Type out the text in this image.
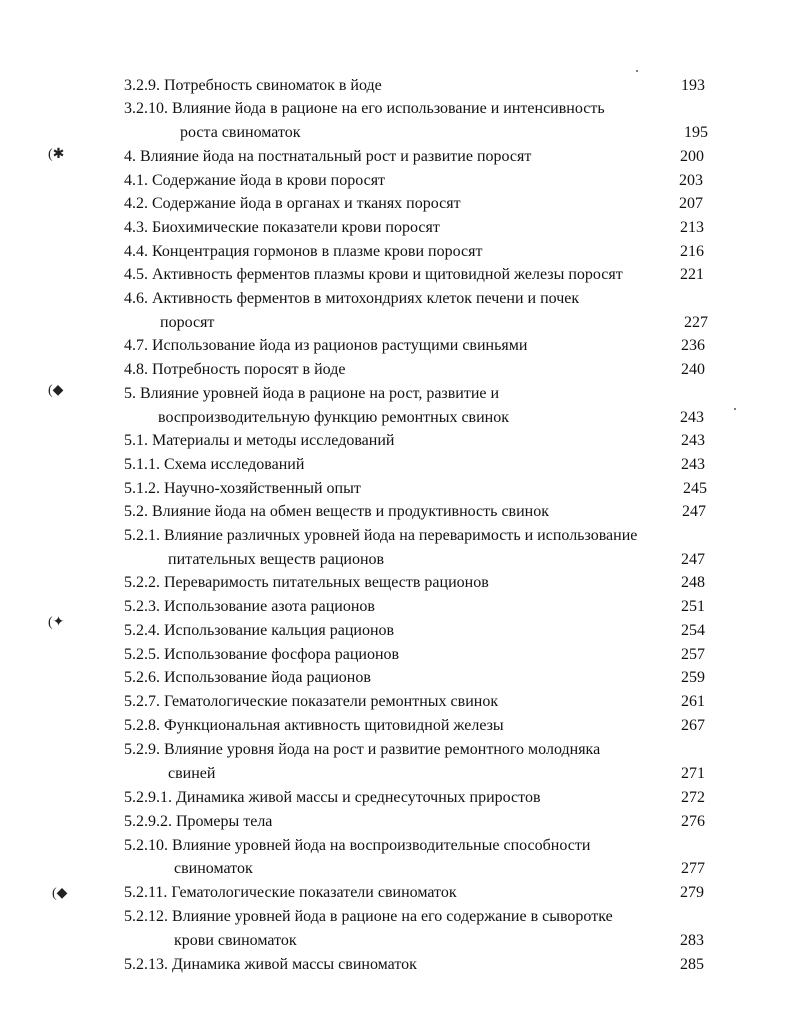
(✱
(◆
(✦
(◆
3.2.9. Потребность свиноматок в йоде	193
3.2.10. Влияние йода в рационе на его использование и интенсивность
роста свиноматок	195
4. Влияние йода на постнатальный рост и развитие поросят	200
4.1. Содержание йода в крови поросят	203
4.2. Содержание йода в органах и тканях поросят	207
4.3. Биохимические показатели крови поросят	213
4.4. Концентрация гормонов в плазме крови поросят	216
4.5. Активность ферментов плазмы крови и щитовидной железы поросят	221
4.6. Активность ферментов в митохондриях клеток печени и почек
поросят	227
4.7. Использование йода из рационов растущими свиньями	236
4.8. Потребность поросят в йоде	240
5. Влияние уровней йода в рационе на рост, развитие и
воспроизводительную функцию ремонтных свинок	243
5.1. Материалы и методы исследований	243
5.1.1. Схема исследований	243
5.1.2. Научно-хозяйственный опыт	245
5.2. Влияние йода на обмен веществ и продуктивность свинок	247
5.2.1. Влияние различных уровней йода на переваримость и использование
питательных веществ рационов	247
5.2.2. Переваримость питательных веществ рационов	248
5.2.3. Использование азота рационов	251
5.2.4. Использование кальция рационов	254
5.2.5. Использование фосфора рационов	257
5.2.6. Использование йода рационов	259
5.2.7. Гематологические показатели ремонтных свинок	261
5.2.8. Функциональная активность щитовидной железы	267
5.2.9. Влияние уровня йода на рост и развитие ремонтного молодняка
свиней	271
5.2.9.1. Динамика живой массы и среднесуточных приростов	272
5.2.9.2. Промеры тела	276
5.2.10. Влияние уровней йода на воспроизводительные способности
свиноматок	277
5.2.11. Гематологические показатели свиноматок	279
5.2.12. Влияние уровней йода в рационе на его содержание в сыворотке
крови свиноматок	283
5.2.13. Динамика живой массы свиноматок	285
